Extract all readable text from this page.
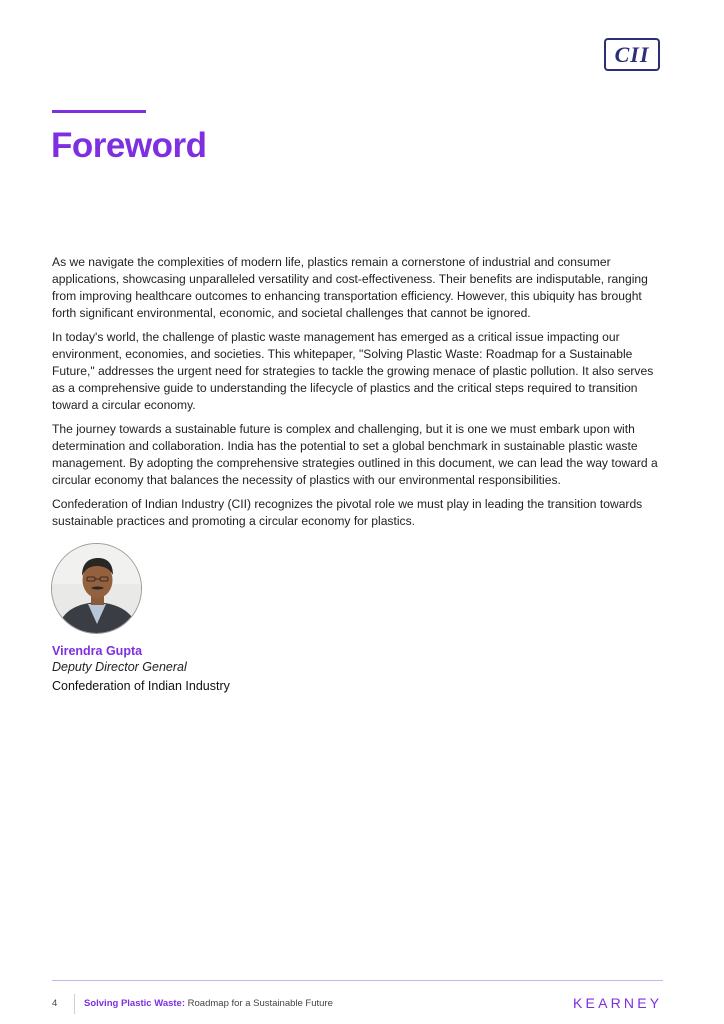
CII
Foreword

As we navigate the complexities of modern life, plastics remain a cornerstone of industrial and consumer applications, showcasing unparalleled versatility and cost-effectiveness. Their benefits are indisputable, ranging from improving healthcare outcomes to enhancing transportation efficiency. However, this ubiquity has brought forth significant environmental, economic, and societal challenges that cannot be ignored.

In today's world, the challenge of plastic waste management has emerged as a critical issue impacting our environment, economies, and societies. This whitepaper, "Solving Plastic Waste: Roadmap for a Sustainable Future," addresses the urgent need for strategies to tackle the growing menace of plastic pollution. It also serves as a comprehensive guide to understanding the lifecycle of plastics and the critical steps required to transition toward a circular economy.

The journey towards a sustainable future is complex and challenging, but it is one we must embark upon with determination and collaboration. India has the potential to set a global benchmark in sustainable plastic waste management. By adopting the comprehensive strategies outlined in this document, we can lead the way toward a circular economy that balances the necessity of plastics with our environmental responsibilities.

Confederation of Indian Industry (CII) recognizes the pivotal role we must play in leading the transition towards sustainable practices and promoting a circular economy for plastics.

Virendra Gupta
Deputy Director General
Confederation of Indian Industry
4	Solving Plastic Waste: Roadmap for a Sustainable Future	KEARNEY
